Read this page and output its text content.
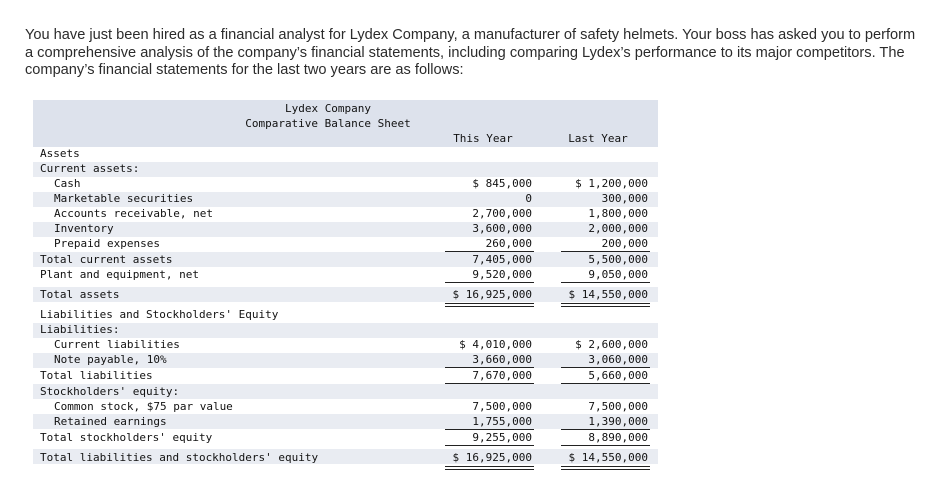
You have just been hired as a financial analyst for Lydex Company, a manufacturer of safety helmets. Your boss has asked you to perform a comprehensive analysis of the company’s financial statements, including comparing Lydex’s performance to its major competitors. The company’s financial statements for the last two years are as follows:

Lydex Company
Comparative Balance Sheet
This Year	Last Year
Assets
Current assets:
Cash	$ 845,000	$ 1,200,000
Marketable securities	0	300,000
Accounts receivable, net	2,700,000	1,800,000
Inventory	3,600,000	2,000,000
Prepaid expenses	260,000	200,000
Total current assets	7,405,000	5,500,000
Plant and equipment, net	9,520,000	9,050,000
Total assets	$ 16,925,000	$ 14,550,000
Liabilities and Stockholders' Equity
Liabilities:
Current liabilities	$ 4,010,000	$ 2,600,000
Note payable, 10%	3,660,000	3,060,000
Total liabilities	7,670,000	5,660,000
Stockholders' equity:
Common stock, $75 par value	7,500,000	7,500,000
Retained earnings	1,755,000	1,390,000
Total stockholders' equity	9,255,000	8,890,000
Total liabilities and stockholders' equity	$ 16,925,000	$ 14,550,000
